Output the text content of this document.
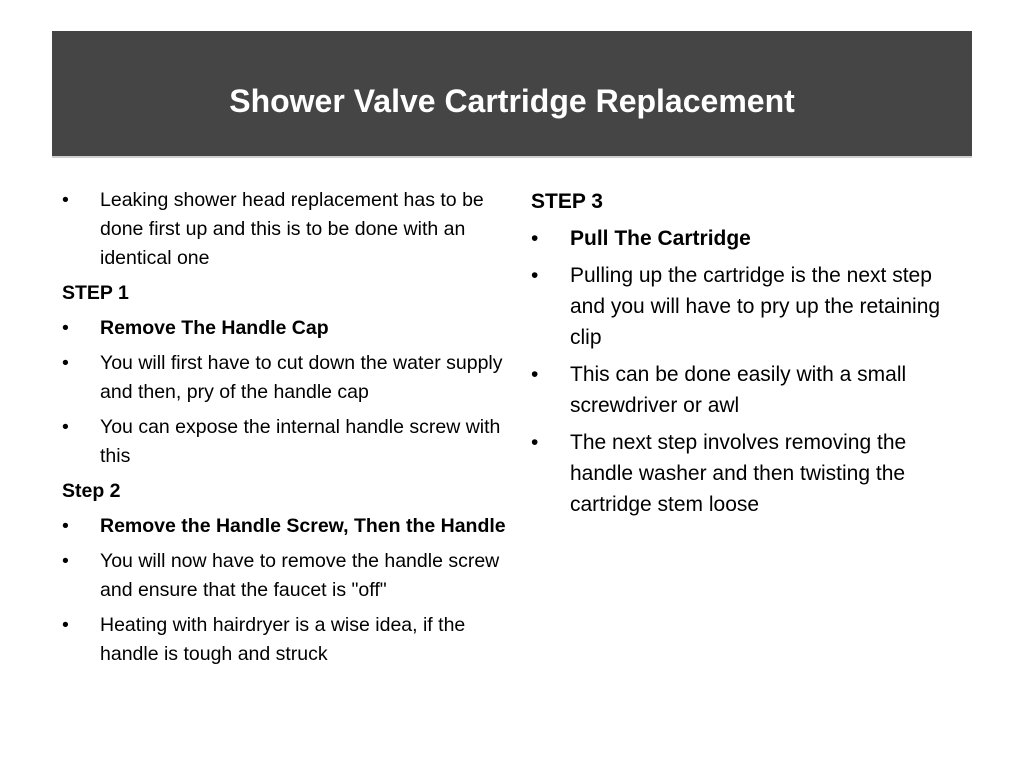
Shower Valve Cartridge Replacement
• Leaking shower head replacement has to be done first up and this is to be done with an identical one
STEP 1
• Remove The Handle Cap
• You will first have to cut down the water supply and then, pry of the handle cap
• You can expose the internal handle screw with this
Step 2
• Remove the Handle Screw, Then the Handle
• You will now have to remove the handle screw and ensure that the faucet is "off"
• Heating with hairdryer is a wise idea, if the handle is tough and struck
STEP 3
• Pull The Cartridge
• Pulling up the cartridge is the next step and you will have to pry up the retaining clip
• This can be done easily with a small screwdriver or awl
• The next step involves removing the handle washer and then twisting the cartridge stem loose
